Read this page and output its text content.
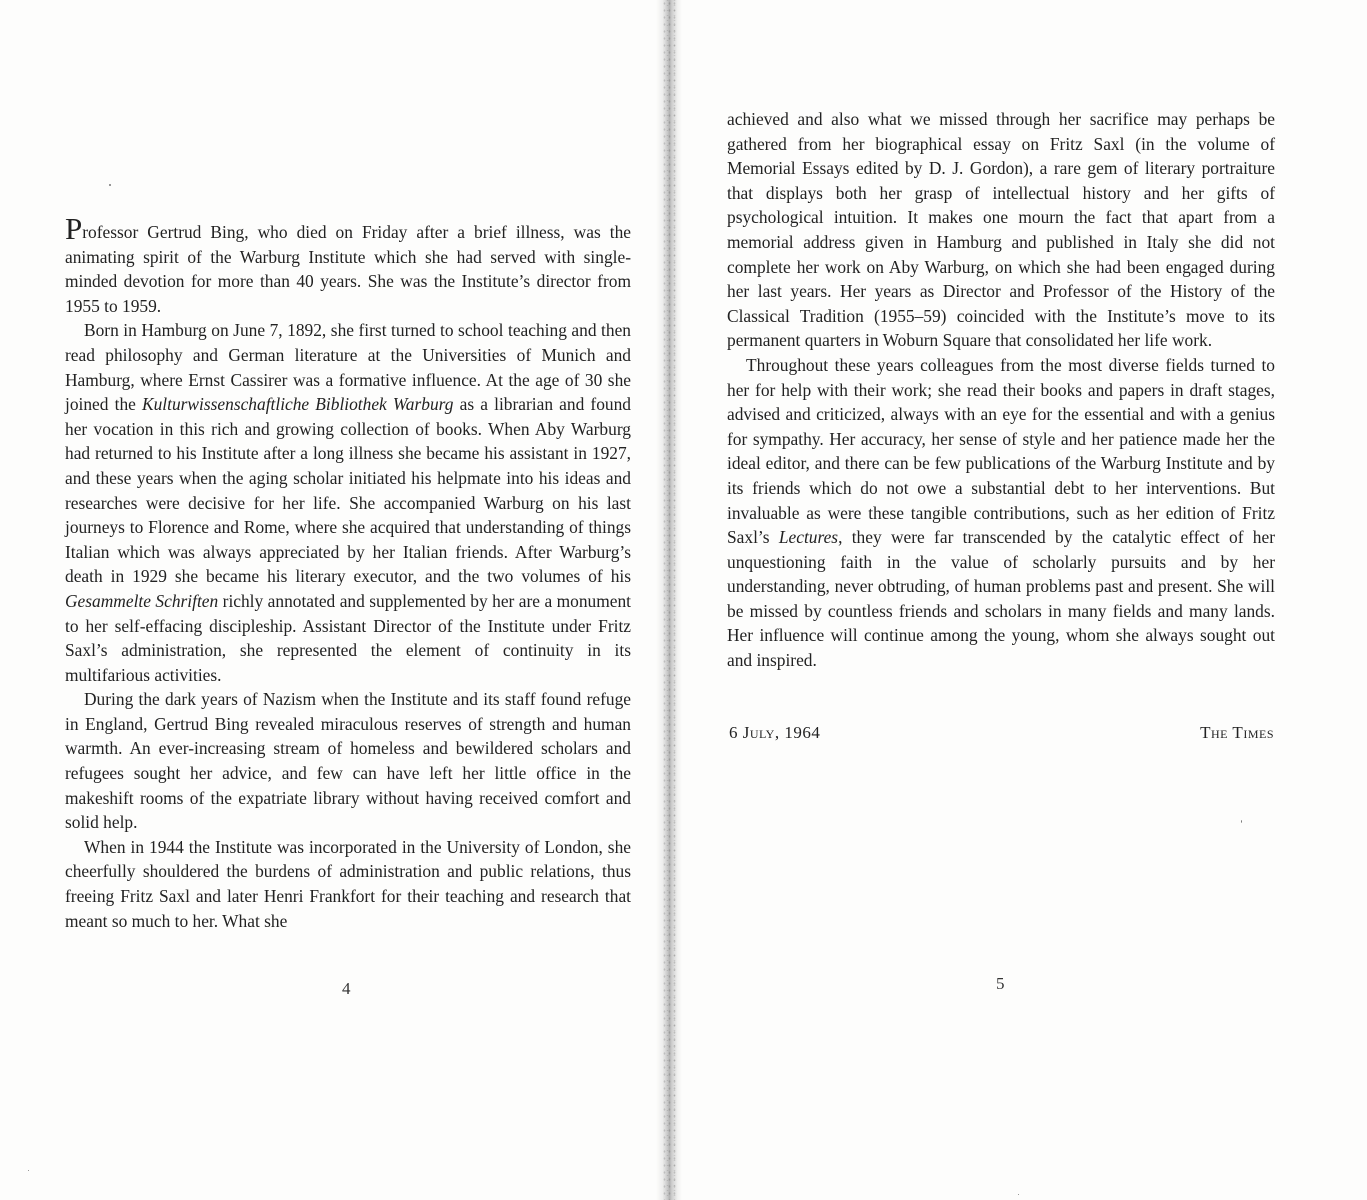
Professor Gertrud Bing, who died on Friday after a brief illness, was the animating spirit of the Warburg Institute which she had served with single-minded devotion for more than 40 years. She was the Institute’s director from 1955 to 1959.

Born in Hamburg on June 7, 1892, she first turned to school teaching and then read philosophy and German literature at the Universities of Munich and Hamburg, where Ernst Cassirer was a formative influence. At the age of 30 she joined the Kulturwissenschaftliche Bibliothek Warburg as a librarian and found her vocation in this rich and growing collection of books. When Aby Warburg had returned to his Institute after a long illness she became his assistant in 1927, and these years when the aging scholar initiated his helpmate into his ideas and researches were decisive for her life. She accompanied Warburg on his last journeys to Florence and Rome, where she acquired that understanding of things Italian which was always appreciated by her Italian friends. After Warburg’s death in 1929 she became his literary executor, and the two volumes of his Gesammelte Schriften richly annotated and supplemented by her are a monument to her self-effacing discipleship. Assistant Director of the Institute under Fritz Saxl’s administration, she represented the element of continuity in its multifarious activities.

During the dark years of Nazism when the Institute and its staff found refuge in England, Gertrud Bing revealed miraculous reserves of strength and human warmth. An ever-increasing stream of homeless and bewildered scholars and refugees sought her advice, and few can have left her little office in the makeshift rooms of the expatriate library without having received comfort and solid help.

When in 1944 the Institute was incorporated in the University of London, she cheerfully shouldered the burdens of administration and public relations, thus freeing Fritz Saxl and later Henri Frankfort for their teaching and research that meant so much to her. What she

4

achieved and also what we missed through her sacrifice may perhaps be gathered from her biographical essay on Fritz Saxl (in the volume of Memorial Essays edited by D. J. Gordon), a rare gem of literary portraiture that displays both her grasp of intellectual history and her gifts of psychological intuition. It makes one mourn the fact that apart from a memorial address given in Hamburg and published in Italy she did not complete her work on Aby Warburg, on which she had been engaged during her last years. Her years as Director and Professor of the History of the Classical Tradition (1955–59) coincided with the Institute’s move to its permanent quarters in Woburn Square that consolidated her life work.

Throughout these years colleagues from the most diverse fields turned to her for help with their work; she read their books and papers in draft stages, advised and criticized, always with an eye for the essential and with a genius for sympathy. Her accuracy, her sense of style and her patience made her the ideal editor, and there can be few publications of the Warburg Institute and by its friends which do not owe a substantial debt to her interventions. But invaluable as were these tangible contributions, such as her edition of Fritz Saxl’s Lectures, they were far transcended by the catalytic effect of her unquestioning faith in the value of scholarly pursuits and by her understanding, never obtruding, of human problems past and present. She will be missed by countless friends and scholars in many fields and many lands. Her influence will continue among the young, whom she always sought out and inspired.

6 July, 1964	The Times
5
